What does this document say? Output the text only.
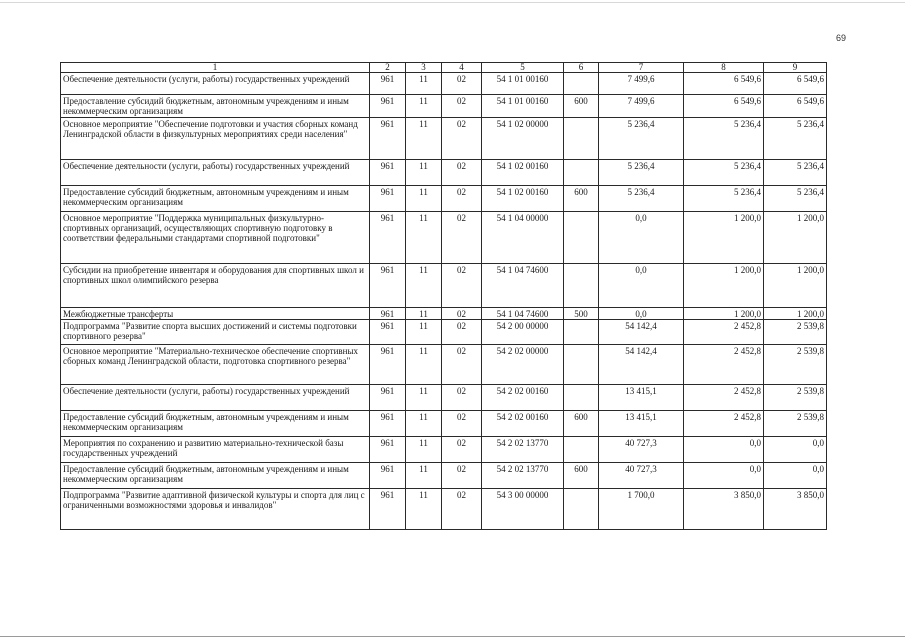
69
1	2	3	4	5	6	7	8	9
Обеспечение деятельности (услуги, работы) государственных учреждений	961	11	02	54 1 01 00160		7 499,6	6 549,6	6 549,6
Предоставление субсидий бюджетным, автономным учреждениям и иным некоммерческим организациям	961	11	02	54 1 01 00160	600	7 499,6	6 549,6	6 549,6
Основное мероприятие "Обеспечение подготовки и участия сборных команд Ленинградской области в физкультурных мероприятиях среди населения"	961	11	02	54 1 02 00000		5 236,4	5 236,4	5 236,4
Обеспечение деятельности (услуги, работы) государственных учреждений	961	11	02	54 1 02 00160		5 236,4	5 236,4	5 236,4
Предоставление субсидий бюджетным, автономным учреждениям и иным некоммерческим организациям	961	11	02	54 1 02 00160	600	5 236,4	5 236,4	5 236,4
Основное мероприятие "Поддержка муниципальных физкультурно-спортивных организаций, осуществляющих спортивную подготовку в соответствии федеральными стандартами спортивной подготовки"	961	11	02	54 1 04 00000		0,0	1 200,0	1 200,0
Субсидии на приобретение инвентаря и оборудования для спортивных школ и спортивных школ олимпийского резерва	961	11	02	54 1 04 74600		0,0	1 200,0	1 200,0
Межбюджетные трансферты	961	11	02	54 1 04 74600	500	0,0	1 200,0	1 200,0
Подпрограмма "Развитие спорта высших достижений и системы подготовки спортивного резерва"	961	11	02	54 2 00 00000		54 142,4	2 452,8	2 539,8
Основное мероприятие "Материально-техническое обеспечение спортивных сборных команд Ленинградской области, подготовка спортивного резерва"	961	11	02	54 2 02 00000		54 142,4	2 452,8	2 539,8
Обеспечение деятельности (услуги, работы) государственных учреждений	961	11	02	54 2 02 00160		13 415,1	2 452,8	2 539,8
Предоставление субсидий бюджетным, автономным учреждениям и иным некоммерческим организациям	961	11	02	54 2 02 00160	600	13 415,1	2 452,8	2 539,8
Мероприятия по сохранению и развитию материально-технической базы государственных учреждений	961	11	02	54 2 02 13770		40 727,3	0,0	0,0
Предоставление субсидий бюджетным, автономным учреждениям и иным некоммерческим организациям	961	11	02	54 2 02 13770	600	40 727,3	0,0	0,0
Подпрограмма "Развитие адаптивной физической культуры и спорта для лиц с ограниченными возможностями здоровья и инвалидов"	961	11	02	54 3 00 00000		1 700,0	3 850,0	3 850,0
